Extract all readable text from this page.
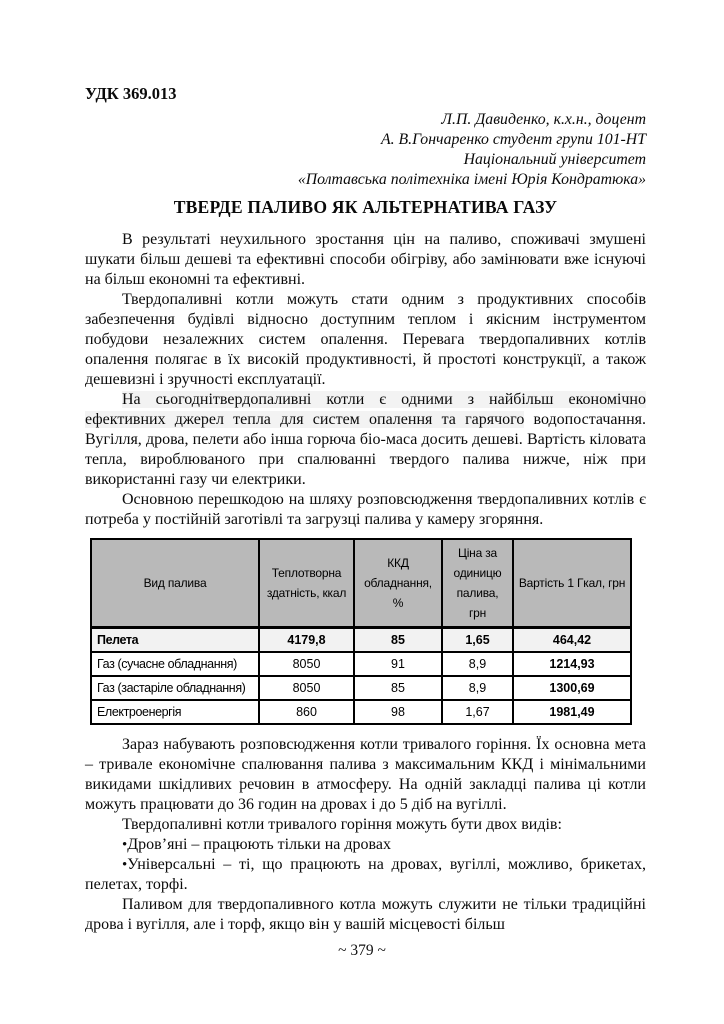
УДК 369.013
Л.П. Давиденко, к.х.н., доцент
А. В.Гончаренко студент групи 101-НТ
Національний університет
«Полтавська політехніка імені Юрія Кондратюка»
ТВЕРДЕ ПАЛИВО ЯК АЛЬТЕРНАТИВА ГАЗУ

В результаті неухильного зростання цін на паливо, споживачі змушені шукати більш дешеві та ефективні способи обігріву, або замінювати вже існуючі на більш економні та ефективні.

Твердопаливні котли можуть стати одним з продуктивних способів забезпечення будівлі відносно доступним теплом і якісним інструментом побудови незалежних систем опалення. Перевага твердопаливних котлів опалення полягає в їх високій продуктивності, й простоті конструкції, а також дешевизні і зручності експлуатації.

На сьогоднітвердопаливні котли є одними з найбільш економічно ефективних джерел тепла для систем опалення та гарячого водопостачання. Вугілля, дрова, пелети або інша горюча біо-маса досить дешеві. Вартість кіловата тепла, вироблюваного при спалюванні твердого палива нижче, ніж при використанні газу чи електрики.

Основною перешкодою на шляху розповсюдження твердопаливних котлів є потреба у постійній заготівлі та загрузці палива у камеру згоряння.

Вид палива	Теплотворна здатність, ккал	ККД обладнання, %	Ціна за одиницю палива, грн	Вартість 1 Гкал, грн
Пелета	4179,8	85	1,65	464,42
Газ (сучасне обладнання)	8050	91	8,9	1214,93
Газ (застаріле обладнання)	8050	85	8,9	1300,69
Електроенергія	860	98	1,67	1981,49

Зараз набувають розповсюдження котли тривалого горіння. Їх основна мета – тривале економічне спалювання палива з максимальним ККД і мінімальними викидами шкідливих речовин в атмосферу. На одній закладці палива ці котли можуть працювати до 36 годин на дровах і до 5 діб на вугіллі.

Твердопаливні котли тривалого горіння можуть бути двох видів:

•Дров’яні – працюють тільки на дровах

•Універсальні – ті, що працюють на дровах, вугіллі, можливо, брикетах, пелетах, торфі.

Паливом для твердопаливного котла можуть служити не тільки традиційні дрова і вугілля, але і торф, якщо він у вашій місцевості більш

~ 379 ~
